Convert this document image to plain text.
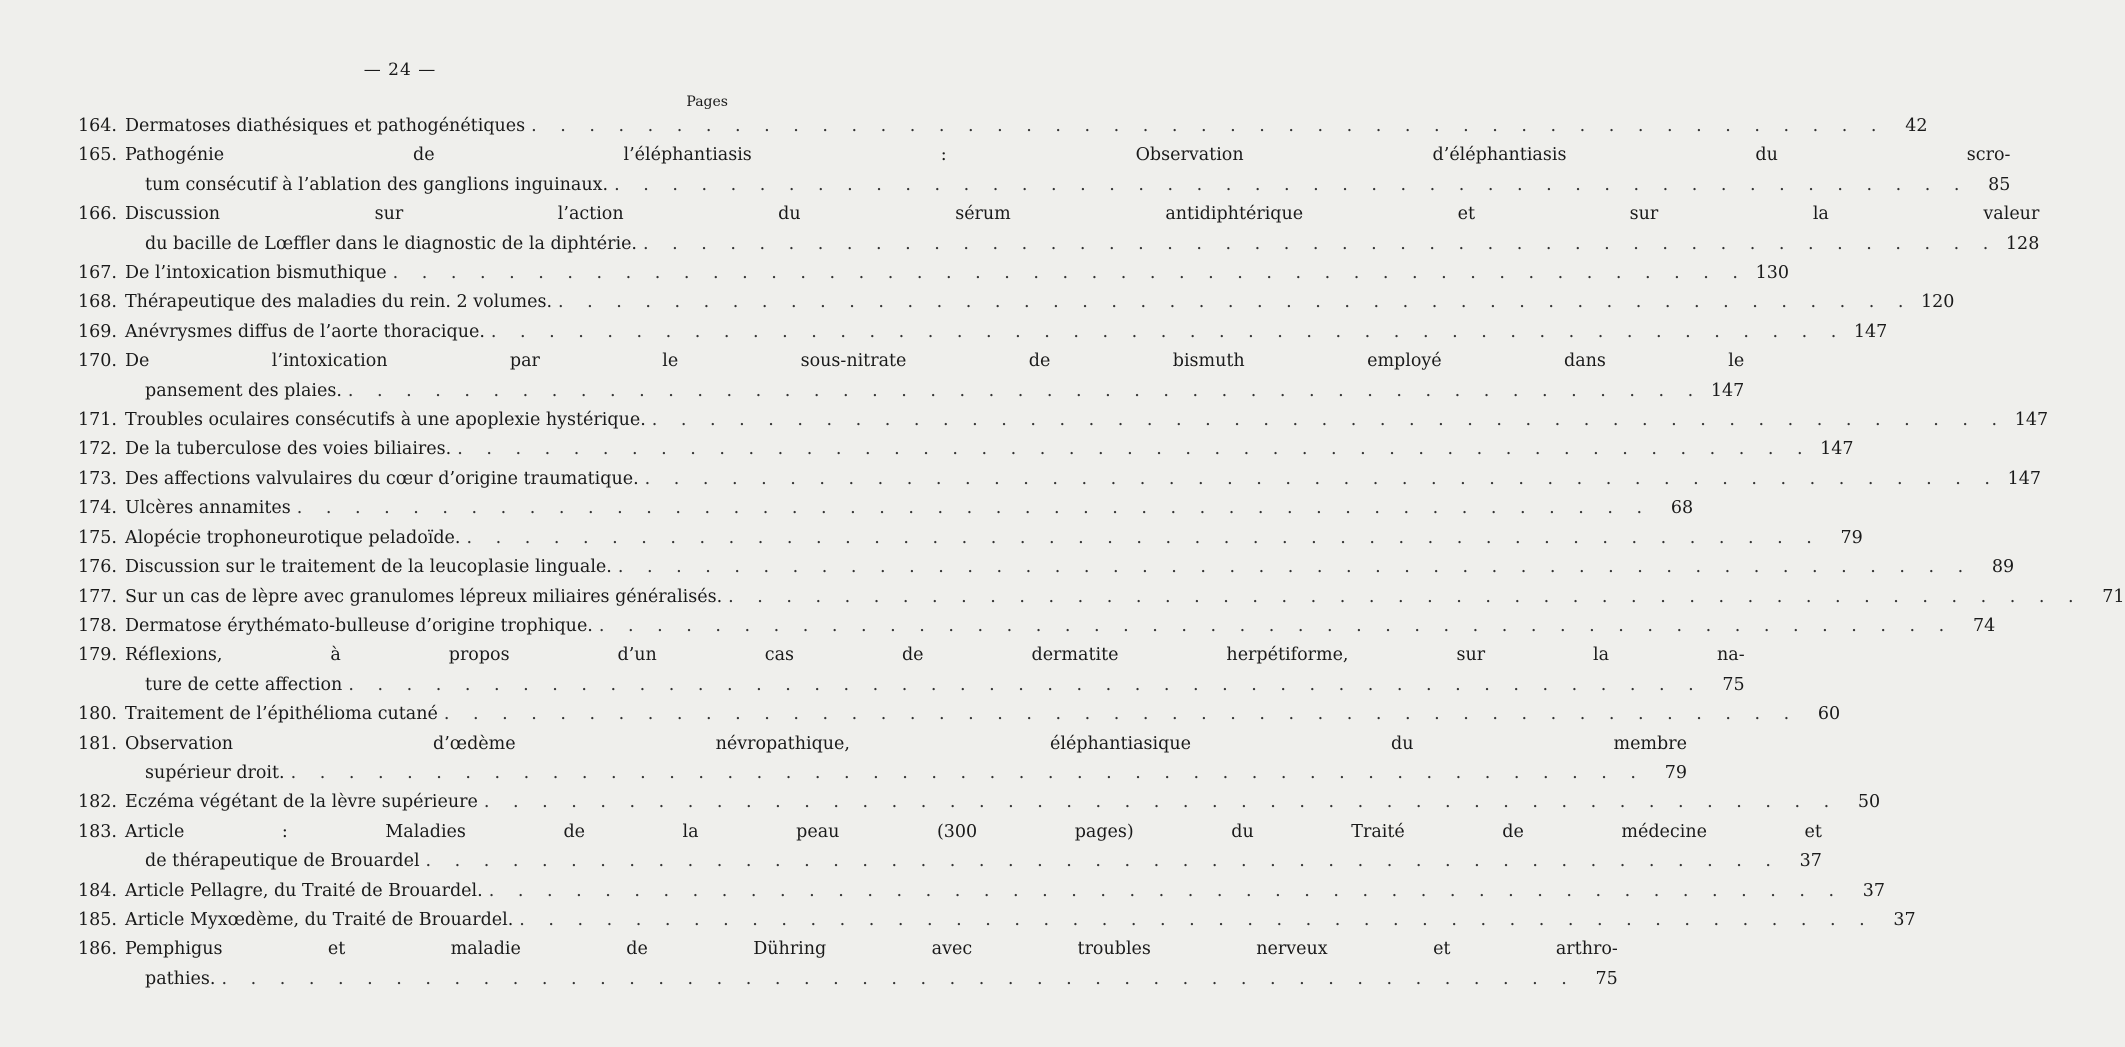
— 24 —
Pages
164. Dermatoses diathésiques et pathogénétiques . . .	42
165. Pathogénie de l’éléphantiasis : Observation d’éléphantiasis du scro-
tum consécutif à l’ablation des ganglions inguinaux. . . .	85
166. Discussion sur l’action du sérum antidiphtérique et sur la valeur
du bacille de Lœffler dans le diagnostic de la diphtérie. . . .	128
167. De l’intoxication bismuthique . . .	130
168. Thérapeutique des maladies du rein. 2 volumes. . . .	120
169. Anévrysmes diffus de l’aorte thoracique. . . .	147
170. De l’intoxication par le sous-nitrate de bismuth employé dans le
pansement des plaies. . . .	147
171. Troubles oculaires consécutifs à une apoplexie hystérique. . . .	147
172. De la tuberculose des voies biliaires. . . .	147
173. Des affections valvulaires du cœur d’origine traumatique. . . .	147
174. Ulcères annamites . . .	68
175. Alopécie trophoneurotique peladoïde. . . .	79
176. Discussion sur le traitement de la leucoplasie linguale. . . .	89
177. Sur un cas de lèpre avec granulomes lépreux miliaires généralisés. . . .	71
178. Dermatose érythémato-bulleuse d’origine trophique. . . .	74
179. Réflexions, à propos d’un cas de dermatite herpétiforme, sur la na-
ture de cette affection . . .	75
180. Traitement de l’épithélioma cutané . . .	60
181. Observation d’œdème névropathique, éléphantiasique du membre
supérieur droit. . . .	79
182. Eczéma végétant de la lèvre supérieure . . .	50
183. Article : Maladies de la peau (300 pages) du Traité de médecine et
de thérapeutique de Brouardel . . .	37
184. Article Pellagre, du Traité de Brouardel. . . .	37
185. Article Myxœdème, du Traité de Brouardel. . . .	37
186. Pemphigus et maladie de Dühring avec troubles nerveux et arthro-
pathies. . . .	75
